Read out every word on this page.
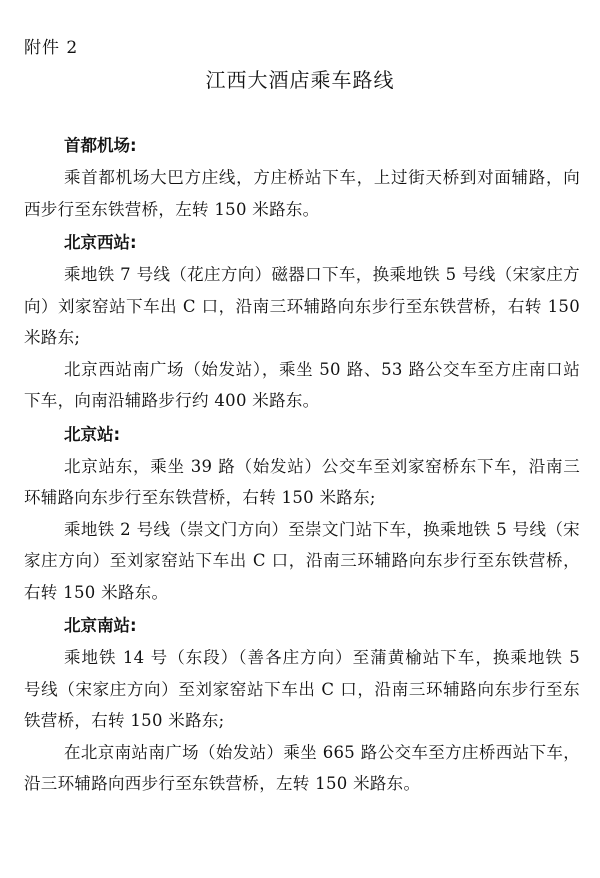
附件 2
江西大酒店乘车路线
首都机场:

乘首都机场大巴方庄线，方庄桥站下车，上过街天桥到对面辅路，向西步行至东铁营桥，左转 150 米路东。

北京西站:

乘地铁 7 号线（花庄方向）磁器口下车，换乘地铁 5 号线（宋家庄方向）刘家窑站下车出 C 口，沿南三环辅路向东步行至东铁营桥，右转 150 米路东;

北京西站南广场（始发站），乘坐 50 路、53 路公交车至方庄南口站下车，向南沿辅路步行约 400 米路东。

北京站:

北京站东，乘坐 39 路（始发站）公交车至刘家窑桥东下车，沿南三环辅路向东步行至东铁营桥，右转 150 米路东;

乘地铁 2 号线（崇文门方向）至崇文门站下车，换乘地铁 5 号线（宋家庄方向）至刘家窑站下车出 C 口，沿南三环辅路向东步行至东铁营桥，右转 150 米路东。

北京南站:

乘地铁 14 号（东段）（善各庄方向）至蒲黄榆站下车，换乘地铁 5 号线（宋家庄方向）至刘家窑站下车出 C 口，沿南三环辅路向东步行至东铁营桥，右转 150 米路东;

在北京南站南广场（始发站）乘坐 665 路公交车至方庄桥西站下车，沿三环辅路向西步行至东铁营桥，左转 150 米路东。
